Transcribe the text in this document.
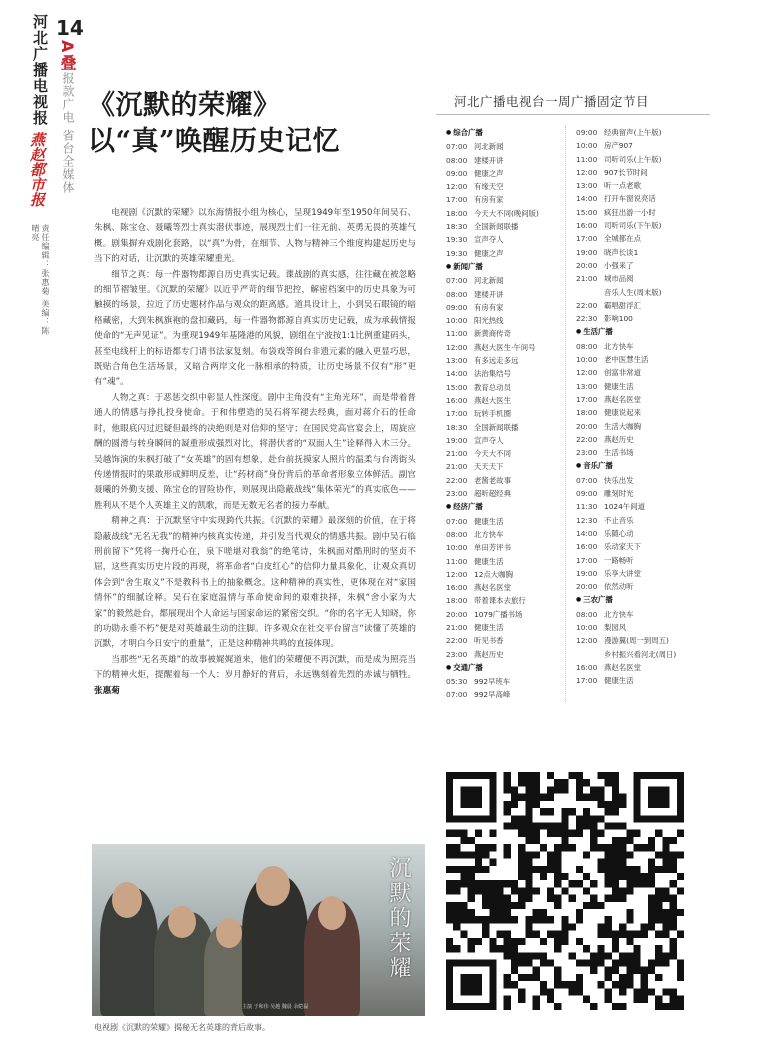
河北广播电视报
燕赵都市报
责任编辑：张惠菊 美编：陈晴亮
14
A叠
报款广电 省台全媒体 《沉默的荣耀》
以“真”唤醒历史记忆

电视剧《沉默的荣耀》以东海情报小组为核心，呈现1949年至1950年间吴石、朱枫、陈宝仓、聂曦等烈士真实潜伏事迹，展现烈士们一往无前、英勇无畏的英雄气概。剧集摒弃戏剧化套路，以“真”为骨，在细节、人物与精神三个维度构建起历史与当下的对话，让沉默的英雄荣耀重光。

细节之真：每一件器物都源自历史真实记载。谍战剧的真实感，往往藏在被忽略的细节褶皱里。《沉默的荣耀》以近乎严苛的细节把控，解密档案中的历史具象为可触摸的场景，拉近了历史题材作品与观众的距离感。道具设计上，小到吴石眼镜的暗格藏密，大到朱枫旗袍的盘扣藏码，每一件器物都源自真实历史记载，成为承载情报使命的“无声见证”。为重现1949年基隆港的风貌，剧组在宁波按1:1比例重建码头，甚至电线杆上的标语都专门请书法家复刻。布袋戏等闽台非遗元素的融入更显巧思，既贴合角色生活场景，又暗合两岸文化一脉相承的特质，让历史场景不仅有“形”更有“魂”。

人物之真：于恶惩交织中彰显人性深度。剧中主角没有“主角光环”，而是带着普通人的情感与挣扎投身使命。于和伟塑造的吴石将军褪去经典，面对蒋介石的任命时，他眼底闪过迟疑但最终的决绝则是对信仰的坚守；在国民党高官宴会上，周旋应酬的圆滑与转身瞬间的凝重形成强烈对比，将潜伏者的“双面人生”诠释得入木三分。吴越饰演的朱枫打破了“女英雄”的固有想象，赴台前抚摸家人照片的温柔与台湾街头传递情报时的果敢形成鲜明反差，让“药材商”身份背后的革命者形象立体鲜活。副官聂曦的外勤支援、陈宝仓的冒险协作，则展现出隐蔽战线“集体荣光”的真实底色——胜利从不是个人英雄主义的凯歌，而是无数无名者的接力奉献。

精神之真：于沉默坚守中实现跨代共振。《沉默的荣耀》最深刻的价值，在于将隐蔽战线“无名无我”的精神内核真实传递，并引发当代观众的情感共振。剧中吴石临刑前留下“凭将一掬丹心在，泉下嗟堪对我翁”的绝笔诗，朱枫面对酷刑时的坚贞不屈，这些真实历史片段的再现，将革命者“白皮红心”的信仰力量具象化，让观众真切体会到“舍生取义”不是教科书上的抽象概念。这种精神的真实性，更体现在对“家国情怀”的细腻诠释。吴石在家庭温情与革命使命间的艰难抉择，朱枫“舍小家为大家”的毅然赴台，都展现出个人命运与国家命运的紧密交织。“你的名字无人知晓，你的功勋永垂不朽”便是对英雄最生动的注脚。许多观众在社交平台留言“读懂了英雄的沉默，才明白今日安宁的重量”，正是这种精神共鸣的直接体现。

当那些“无名英雄”的故事被娓娓道来，他们的荣耀便不再沉默，而是成为照亮当下的精神火炬，提醒着每一个人：岁月静好的背后，永远镌刻着先烈的赤诚与牺牲。 张惠菊

沉默的荣耀
主演 于和伟 吴越 魏晨 余皑磊
电视剧《沉默的荣耀》揭秘无名英雄的背后故事。
河北广播电视台一周广播固定节目
● 综合广播
07:00 河北新闻
08:00 建楼开讲
09:00 健康之声
12:00 有缘天空
17:00 有房有家
18:00 今天大不同(晚间版)
18:30 全国新闻联播
19:30 宣声夺人
19:30 健康之声
● 新闻广播
07:00 河北新闻
08:00 建楼开讲
09:00 有房有家
10:00 阳光热线
11:00 新黄商传奇
12:00 燕赵大医生·午间号
13:00 有多远走多远
14:00 法治集结号
15:00 教育总动员
16:00 燕赵大医生
17:00 玩转手机圈
18:30 全国新闻联播
19:00 宣声夺人
21:00 今天大不同
21:00 天天天下
22:00 老酱老故事
23:00 超听超经典
● 经济广播
07:00 健康生活
08:00 北方快车
10:00 单田芳评书
11:00 健康生活
12:00 12点大咖胸
16:00 燕赵名医堂
18:00 带着课本去旅行
20:00 1079广播书场
21:00 健康生活
22:00 听见书香
23:00 燕赵历史
● 交通广播
05:30 992早班车
07:00 992早高峰
09:00 经典留声(上午版)
10:00 房产907
11:00 司听司乐(上午版)
12:00 907长节时间
13:00 听一点老歌
14:00 打开车窗说亮话
15:00 疯狂出游一小时
16:00 司听司乐(下午版)
17:00 全城都在点
19:00 晓声长谈1
20:00 小强来了
21:00 城市品阅
音乐人生(周末版)
22:00 霸唱甜浮汇
22:30 影响100
● 生活广播
08:00 北方快车
10:00 老中医慧生活
12:00 创富非常道
13:00 健康生活
17:00 燕赵名医堂
18:00 健康说起来
20:00 生活大咖胸
22:00 燕赵历史
23:00 生活书场
● 音乐广播
07:00 快乐出发
09:00 雕刻时光
11:30 1024午间道
12:30 不止音乐
14:00 乐随心动
16:00 乐动家天下
17:00 一路畅听
19:00 乐享大讲堂
20:00 依然动听
● 三农广播
08:00 北方快车
10:00 梨园风
12:00 漫游翼(周一到周五)
乡村振兴看河北(周日)
16:00 燕赵名医堂
17:00 健康生活
